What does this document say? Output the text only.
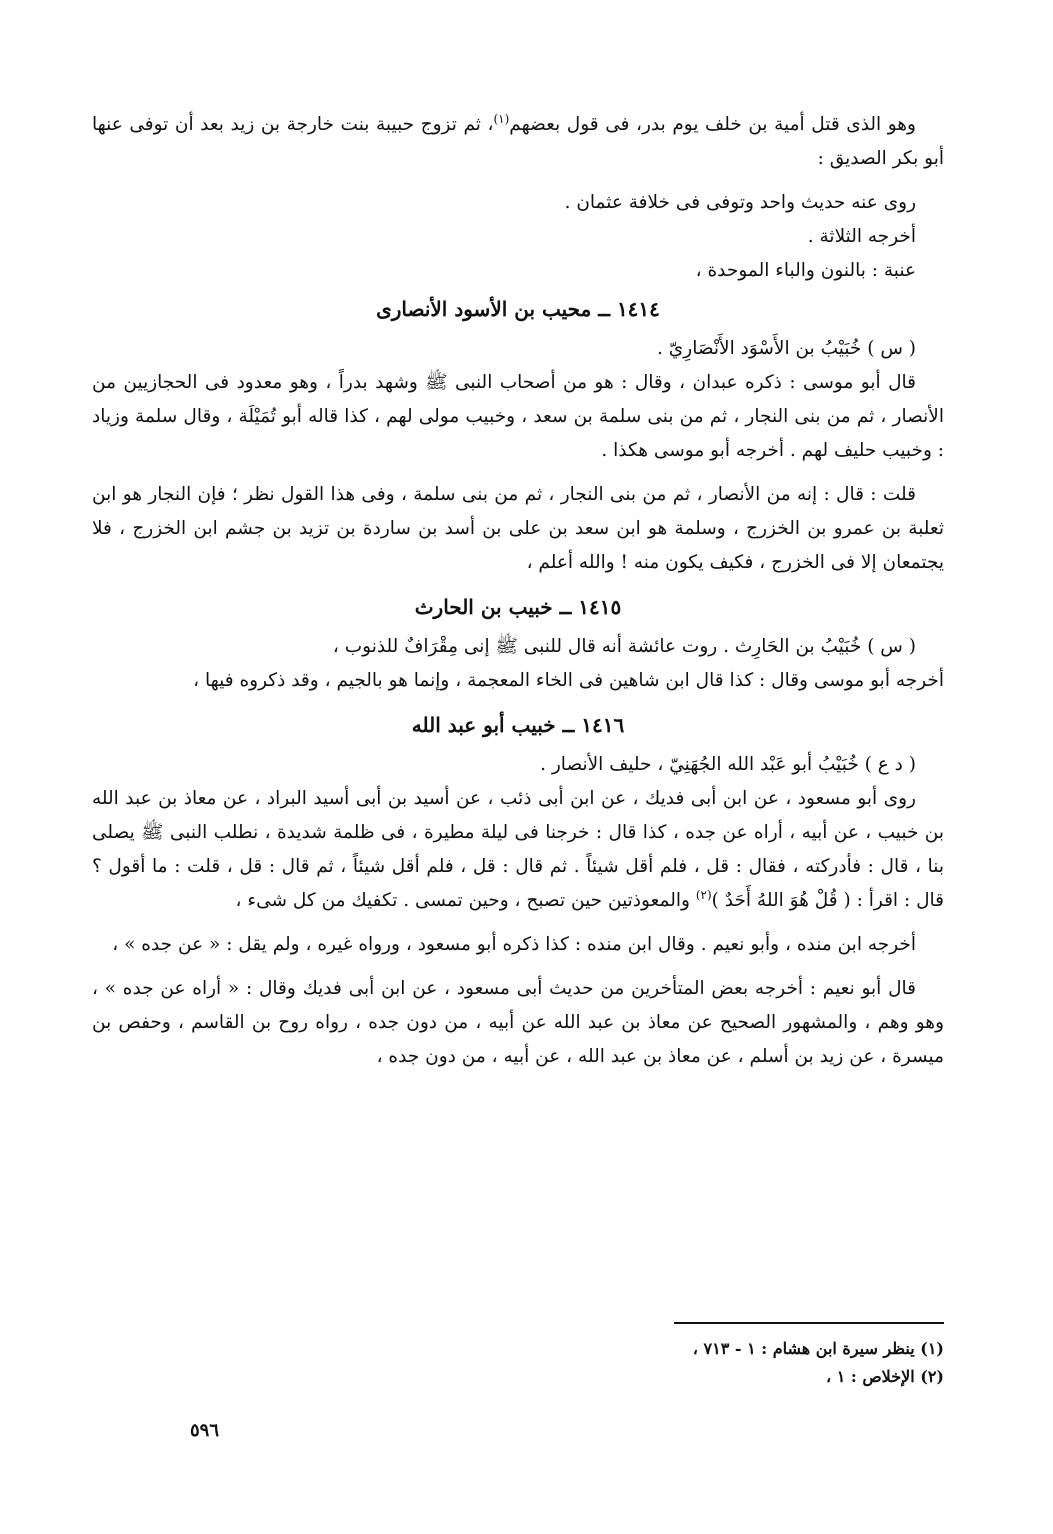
وهو الذى قتل أمية بن خلف يوم بدر، فى قول بعضهم$^{(١)}$، ثم تزوج حبيبة بنت خارجة بن زيد بعد أن توفى عنها أبو بكر الصديق :

روى عنه حديث واحد وتوفى فى خلافة عثمان .

أخرجه الثلاثة .

عنبة : بالنون والباء الموحدة ،

١٤١٤ ــ محيب بن الأسود الأنصارى

( س ) خُبَيْبُ بن الأَسْوَد الأَنْصَارِيّ .

قال أبو موسى : ذكره عبدان ، وقال : هو من أصحاب النبى ﷺ وشهد بدراً ، وهو معدود فى الحجازيين من الأنصار ، ثم من بنى النجار ، ثم من بنى سلمة بن سعد ، وخبيب مولى لهم ، كذا قاله أبو تُمَيْلَة ، وقال سلمة وزياد : وخبيب حليف لهم . أخرجه أبو موسى هكذا .

قلت : قال : إنه من الأنصار ، ثم من بنى النجار ، ثم من بنى سلمة ، وفى هذا القول نظر ؛ فإن النجار هو ابن ثعلبة بن عمرو بن الخزرج ، وسلمة هو ابن سعد بن على بن أسد بن ساردة بن تزيد بن جشم ابن الخزرج ، فلا يجتمعان إلا فى الخزرج ، فكيف يكون منه ! والله أعلم ،

١٤١٥ ــ خبيب بن الحارث

( س ) خُبَيْبُ بن الحَارِث . روت عائشة أنه قال للنبى ﷺ إنى مِقْرَافٌ للذنوب ،

أخرجه أبو موسى وقال : كذا قال ابن شاهين فى الخاء المعجمة ، وإنما هو بالجيم ، وقد ذكروه فيها ،

١٤١٦ ــ خبيب أبو عبد الله

( د ع ) خُبَيْبُ أبو عَبْد الله الجُهَنِيّ ، حليف الأنصار .

روى أبو مسعود ، عن ابن أبى فديك ، عن ابن أبى ذئب ، عن أسيد بن أبى أسيد البراد ، عن معاذ بن عبد الله بن خبيب ، عن أبيه ، أراه عن جده ، كذا قال : خرجنا فى ليلة مطيرة ، فى ظلمة شديدة ، نطلب النبى ﷺ يصلى بنا ، قال : فأدركته ، فقال : قل ، فلم أقل شيئاً . ثم قال : قل ، فلم أقل شيئاً ، ثم قال : قل ، قلت : ما أقول ؟ قال : اقرأ : ( قُلْ هُوَ اللهُ أَحَدٌ )$^{(٢)}$ والمعوذتين حين تصبح ، وحين تمسى . تكفيك من كل شىء ،

أخرجه ابن منده ، وأبو نعيم . وقال ابن منده : كذا ذكره أبو مسعود ، ورواه غيره ، ولم يقل : « عن جده » ،

قال أبو نعيم : أخرجه بعض المتأخرين من حديث أبى مسعود ، عن ابن أبى فديك وقال : « أراه عن جده » ، وهو وهم ، والمشهور الصحيح عن معاذ بن عبد الله عن أبيه ، من دون جده ، رواه روح بن القاسم ، وحفص بن ميسرة ، عن زيد بن أسلم ، عن معاذ بن عبد الله ، عن أبيه ، من دون جده ،

(١) ينظر سيرة ابن هشام : ١ - ٧١٣ ،

(٢) الإخلاص : ١ ،

٥٩٦
